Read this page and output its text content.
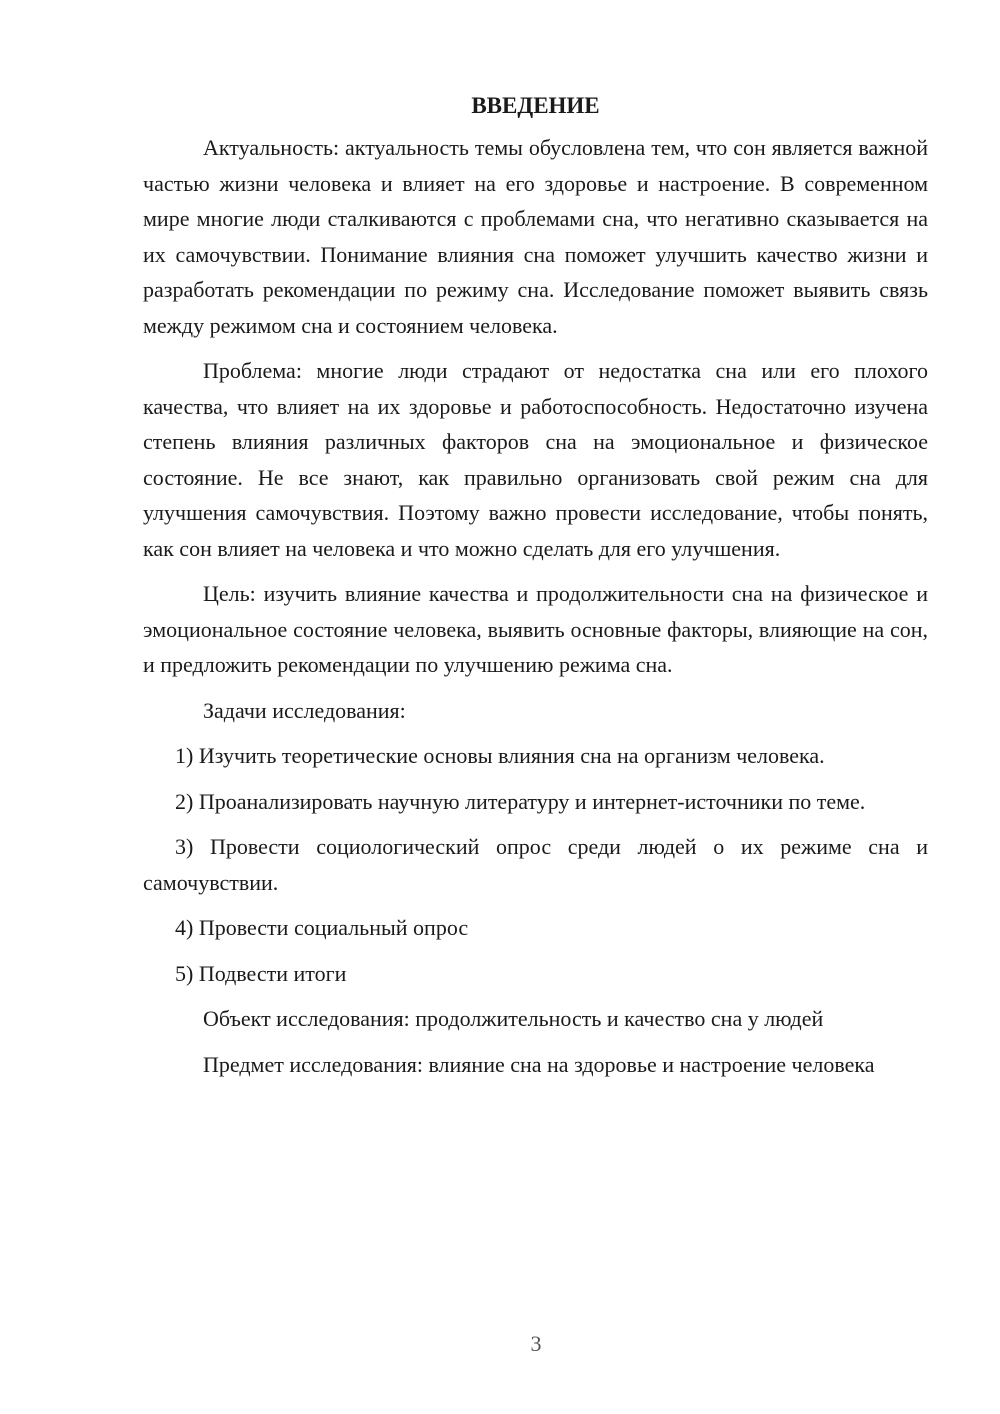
ВВЕДЕНИЕ

Актуальность: актуальность темы обусловлена тем, что сон является важной частью жизни человека и влияет на его здоровье и настроение. В современном мире многие люди сталкиваются с проблемами сна, что негативно сказывается на их самочувствии. Понимание влияния сна поможет улучшить качество жизни и разработать рекомендации по режиму сна. Исследование поможет выявить связь между режимом сна и состоянием человека.

Проблема: многие люди страдают от недостатка сна или его плохого качества, что влияет на их здоровье и работоспособность. Недостаточно изучена степень влияния различных факторов сна на эмоциональное и физическое состояние. Не все знают, как правильно организовать свой режим сна для улучшения самочувствия. Поэтому важно провести исследование, чтобы понять, как сон влияет на человека и что можно сделать для его улучшения.

Цель: изучить влияние качества и продолжительности сна на физическое и эмоциональное состояние человека, выявить основные факторы, влияющие на сон, и предложить рекомендации по улучшению режима сна.

Задачи исследования:

1) Изучить теоретические основы влияния сна на организм человека.

2) Проанализировать научную литературу и интернет-источники по теме.

3) Провести социологический опрос среди людей о их режиме сна и самочувствии.

4) Провести социальный опрос

5) Подвести итоги

Объект исследования: продолжительность и качество сна у людей

Предмет исследования: влияние сна на здоровье и настроение человека

3
